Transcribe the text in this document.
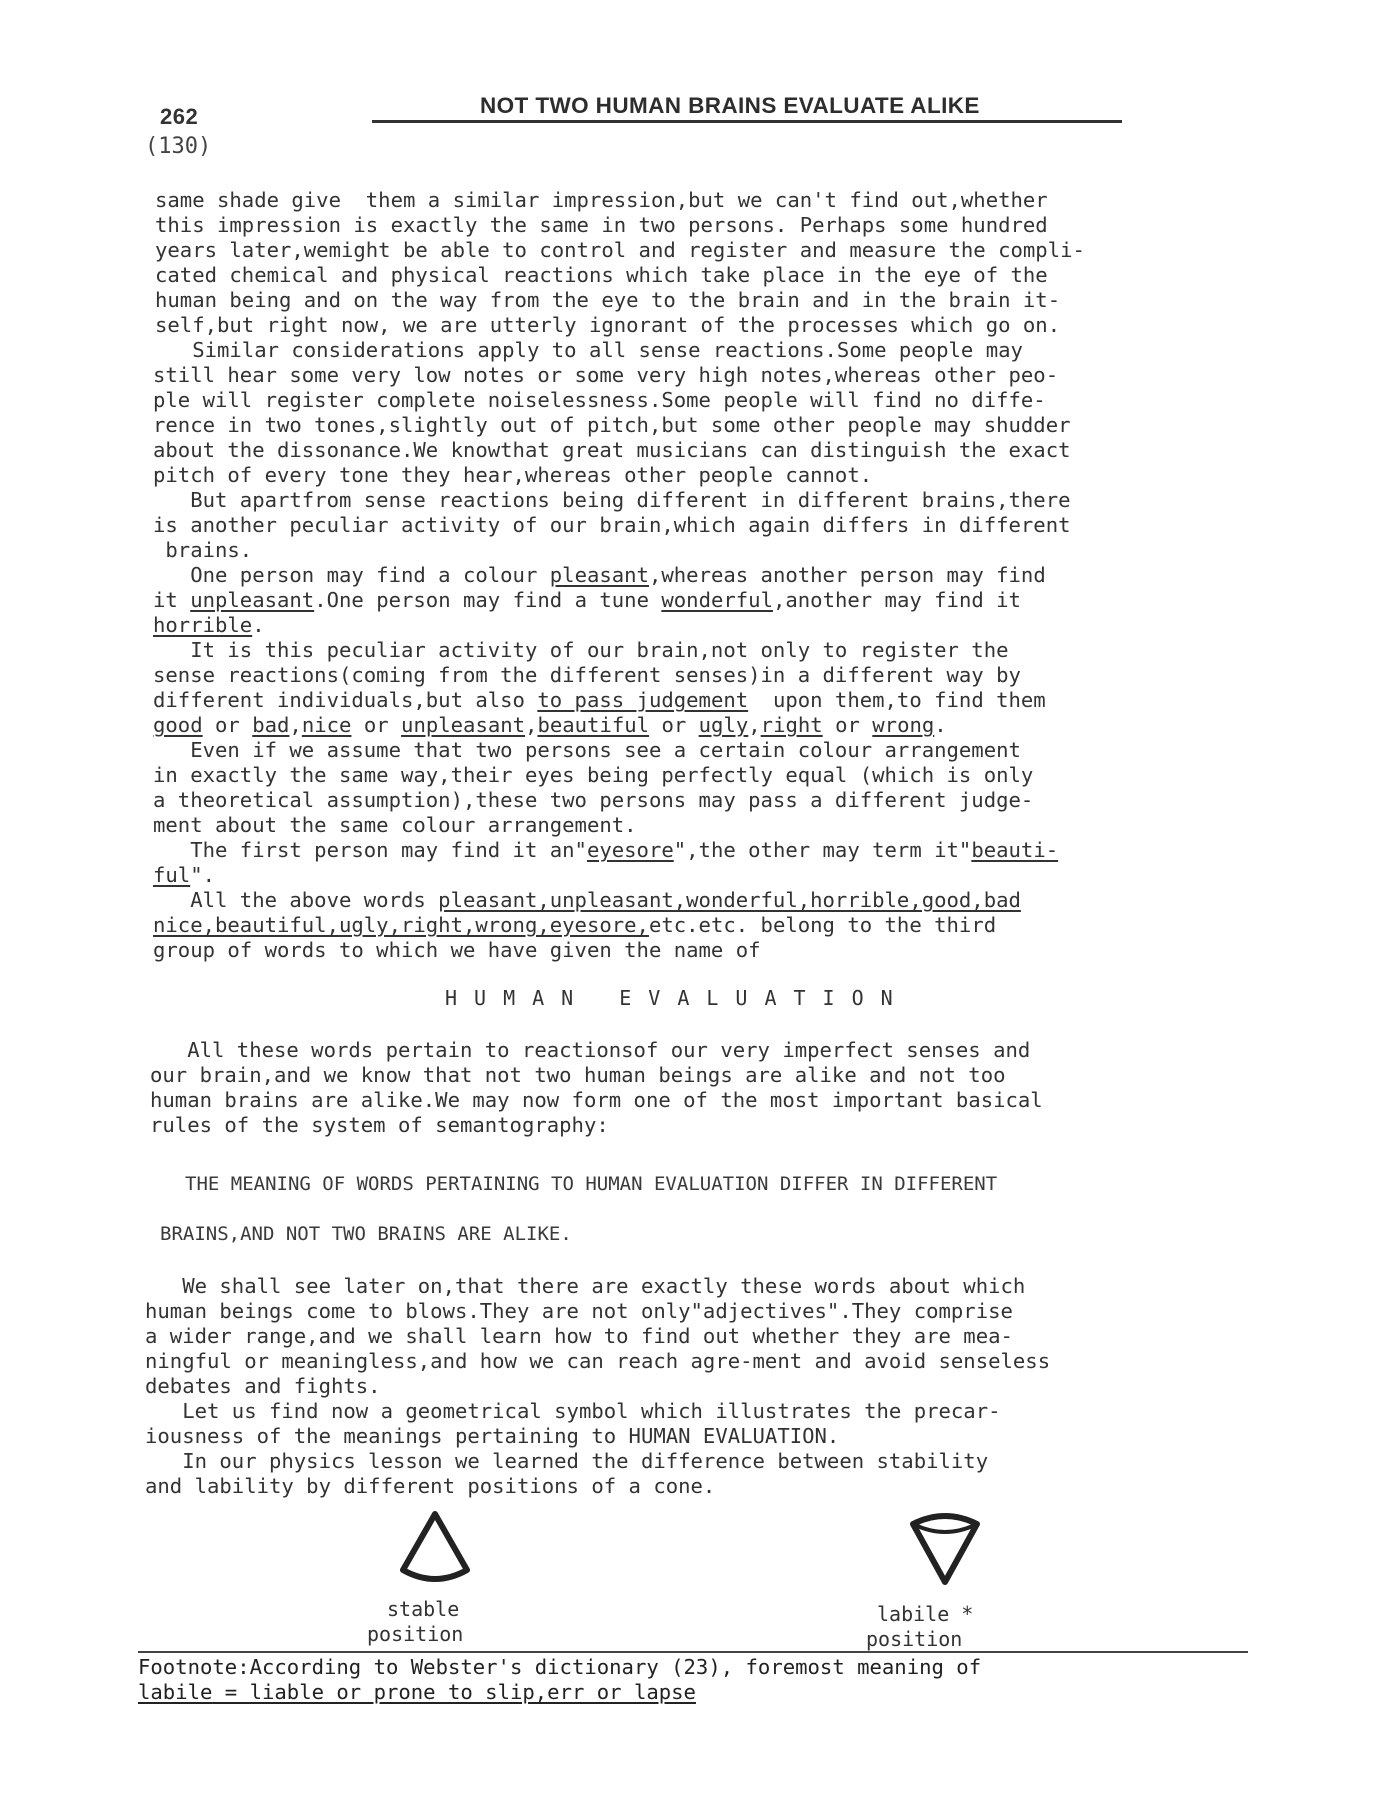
262
(130)
NOT TWO HUMAN BRAINS EVALUATE ALIKE
same shade give  them a similar impression,but we can't find out,whether
this impression is exactly the same in two persons. Perhaps some hundred
years later,wemight be able to control and register and measure the compli-
cated chemical and physical reactions which take place in the eye of the
human being and on the way from the eye to the brain and in the brain it-
self,but right now, we are utterly ignorant of the processes which go on.
Similar considerations apply to all sense reactions.Some people may
still hear some very low notes or some very high notes,whereas other peo-
ple will register complete noiselessness.Some people will find no diffe-
rence in two tones,slightly out of pitch,but some other people may shudder
about the dissonance.We knowthat great musicians can distinguish the exact
pitch of every tone they hear,whereas other people cannot.
But apartfrom sense reactions being different in different brains,there
is another peculiar activity of our brain,which again differs in different
brains.
One person may find a colour pleasant,whereas another person may find
it unpleasant.One person may find a tune wonderful,another may find it
horrible.
It is this peculiar activity of our brain,not only to register the
sense reactions(coming from the different senses)in a different way by
different individuals,but also to pass judgement  upon them,to find them
good or bad,nice or unpleasant,beautiful or ugly,right or wrong.
Even if we assume that two persons see a certain colour arrangement
in exactly the same way,their eyes being perfectly equal (which is only
a theoretical assumption),these two persons may pass a different judge-
ment about the same colour arrangement.
The first person may find it an"eyesore",the other may term it"beauti-
ful".
All the above words pleasant,unpleasant,wonderful,horrible,good,bad
nice,beautiful,ugly,right,wrong,eyesore,etc.etc. belong to the third
group of words to which we have given the name of
HUMAN EVALUATION
All these words pertain to reactionsof our very imperfect senses and
our brain,and we know that not two human beings are alike and not too
human brains are alike.We may now form one of the most important basical
rules of the system of semantography:
THE MEANING OF WORDS PERTAINING TO HUMAN EVALUATION DIFFER IN DIFFERENT
BRAINS,AND NOT TWO BRAINS ARE ALIKE.
We shall see later on,that there are exactly these words about which
human beings come to blows.They are not only"adjectives".They comprise
a wider range,and we shall learn how to find out whether they are mea-
ningful or meaningless,and how we can reach agre-ment and avoid senseless
debates and fights.
Let us find now a geometrical symbol which illustrates the precar-
iousness of the meanings pertaining to HUMAN EVALUATION.
In our physics lesson we learned the difference between stability
and lability by different positions of a cone.
stable
position
labile *
position
Footnote:According to Webster's dictionary (23), foremost meaning of
labile = liable or prone to slip,err or lapse
